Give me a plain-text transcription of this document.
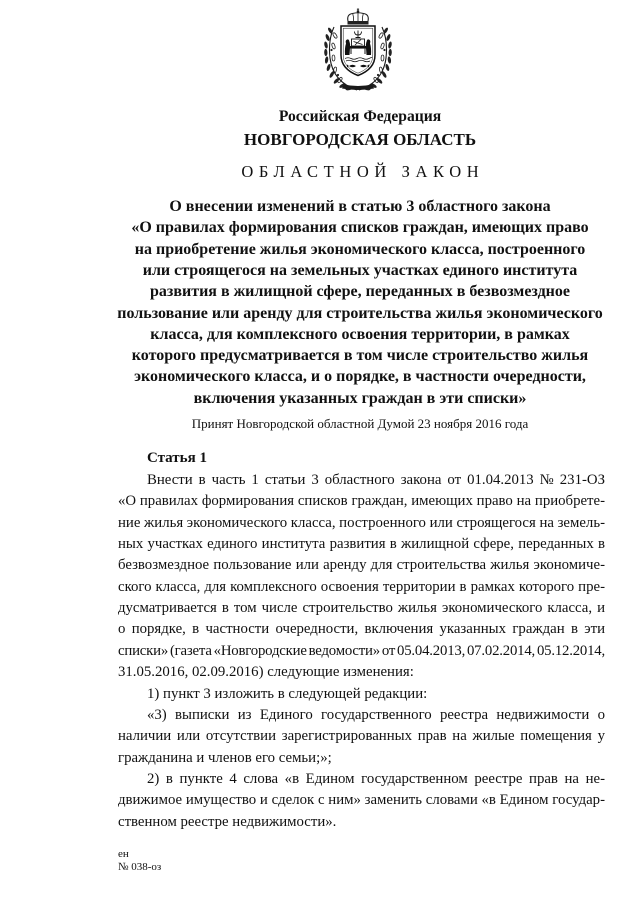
Российская Федерация
НОВГОРОДСКАЯ ОБЛАСТЬ
ОБЛАСТНОЙ ЗАКОН
О внесении изменений в статью 3 областного закона
«О правилах формирования списков граждан, имеющих право
на приобретение жилья экономического класса, построенного
или строящегося на земельных участках единого института
развития в жилищной сфере, переданных в безвозмездное
пользование или аренду для строительства жилья экономического
класса, для комплексного освоения территории, в рамках
которого предусматривается в том числе строительство жилья
экономического класса, и о порядке, в частности очередности,
включения указанных граждан в эти списки»
Принят Новгородской областной Думой 23 ноября 2016 года
Статья 1
Внести в часть 1 статьи 3 областного закона от 01.04.2013 № 231-ОЗ
«О правилах формирования списков граждан, имеющих право на приобрете-
ние жилья экономического класса, построенного или строящегося на земель-
ных участках единого института развития в жилищной сфере, переданных в
безвозмездное пользование или аренду для строительства жилья экономиче-
ского класса, для комплексного освоения территории в рамках которого пре-
дусматривается в том числе строительство жилья экономического класса, и
о порядке, в частности очередности, включения указанных граждан в эти
списки» (газета «Новгородские ведомости» от 05.04.2013, 07.02.2014, 05.12.2014,
31.05.2016, 02.09.2016) следующие изменения:
1) пункт 3 изложить в следующей редакции:
«3) выписки из Единого государственного реестра недвижимости о
наличии или отсутствии зарегистрированных прав на жилые помещения у
гражданина и членов его семьи;»;
2) в пункте 4 слова «в Едином государственном реестре прав на не-
движимое имущество и сделок с ним» заменить словами «в Едином государ-
ственном реестре недвижимости».
ен
№ 038-оз
